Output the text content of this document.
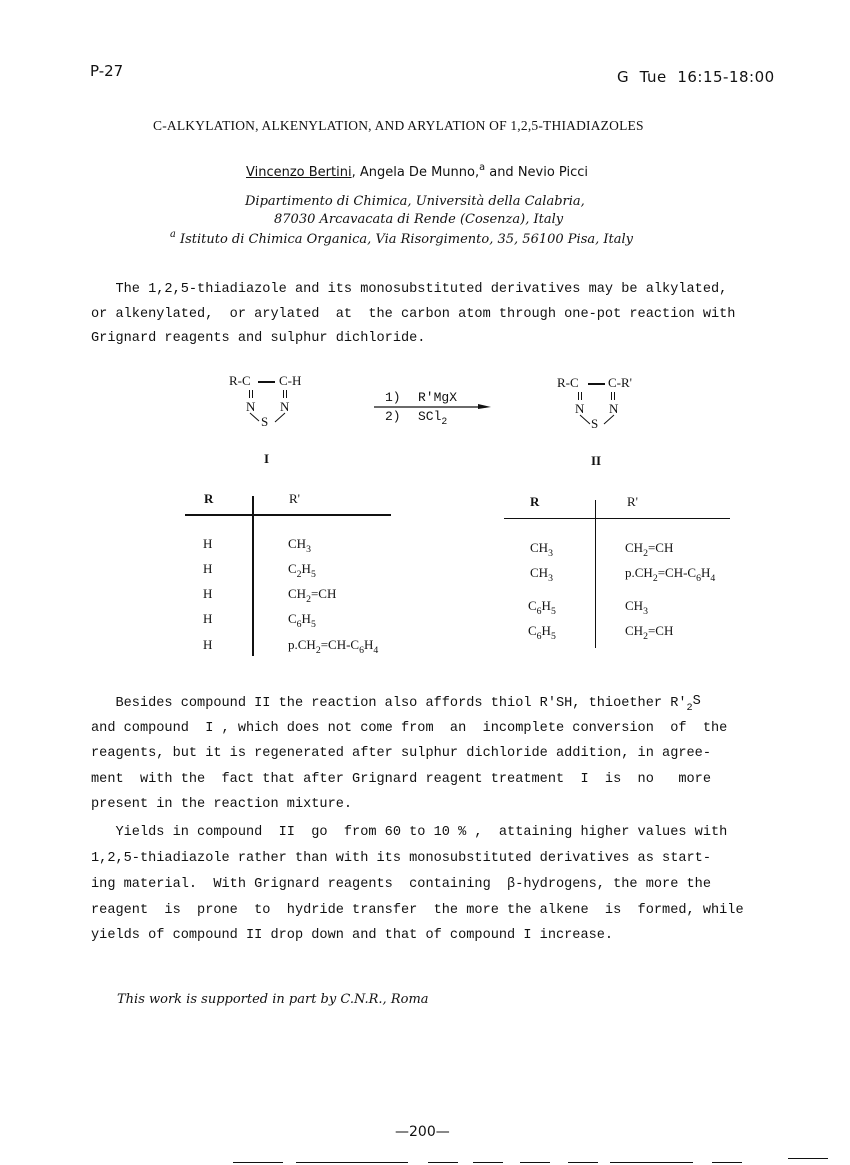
P-27	G  Tue  16:15-18:00
C-ALKYLATION, ALKENYLATION, AND ARYLATION OF 1,2,5-THIADIAZOLES
Vincenzo Bertini, Angela De Munno,$^a$ and Nevio Picci
Dipartimento di Chimica, Università della Calabria,
87030 Arcavacata di Rende (Cosenza), Italy
$^a$ Istituto di Chimica Organica, Via Risorgimento, 35, 56100 Pisa, Italy
The 1,2,5-thiadiazole and its monosubstituted derivatives may be alkylated,
or alkenylated,  or arylated  at  the carbon atom through one-pot reaction with
Grignard reagents and sulphur dichloride.
R-C C-H
N N
S
I
1) R'MgX
2) SCl$_2$
R-C C-R'
N N
S
II
R	R'
H	$CH_3$
H	$C_2H_5$
H	$CH_2=CH$
H	$C_6H_5$
H	$p.CH_2=CH-C_6H_4$
R	R'
$CH_3$	$CH_2=CH$
$CH_3$	$p.CH_2=CH-C_6H_4$
$C_6H_5$	$CH_3$
$C_6H_5$	$CH_2=CH$
Besides compound II the reaction also affords thiol R'SH, thioether $R'_2^S$
and compound  I , which does not come from  an  incomplete conversion  of  the
reagents, but it is regenerated after sulphur dichloride addition, in agree-
ment  with the  fact that after Grignard reagent treatment  I  is  no   more
present in the reaction mixture.
Yields in compound  II  go  from 60 to 10 % ,  attaining higher values with
1,2,5-thiadiazole rather than with its monosubstituted derivatives as start-
ing material.  With Grignard reagents  containing  β-hydrogens, the more the
reagent  is  prone  to  hydride transfer  the more the alkene  is  formed, while
yields of compound II drop down and that of compound I increase.
This work is supported in part by C.N.R., Roma
—200—
